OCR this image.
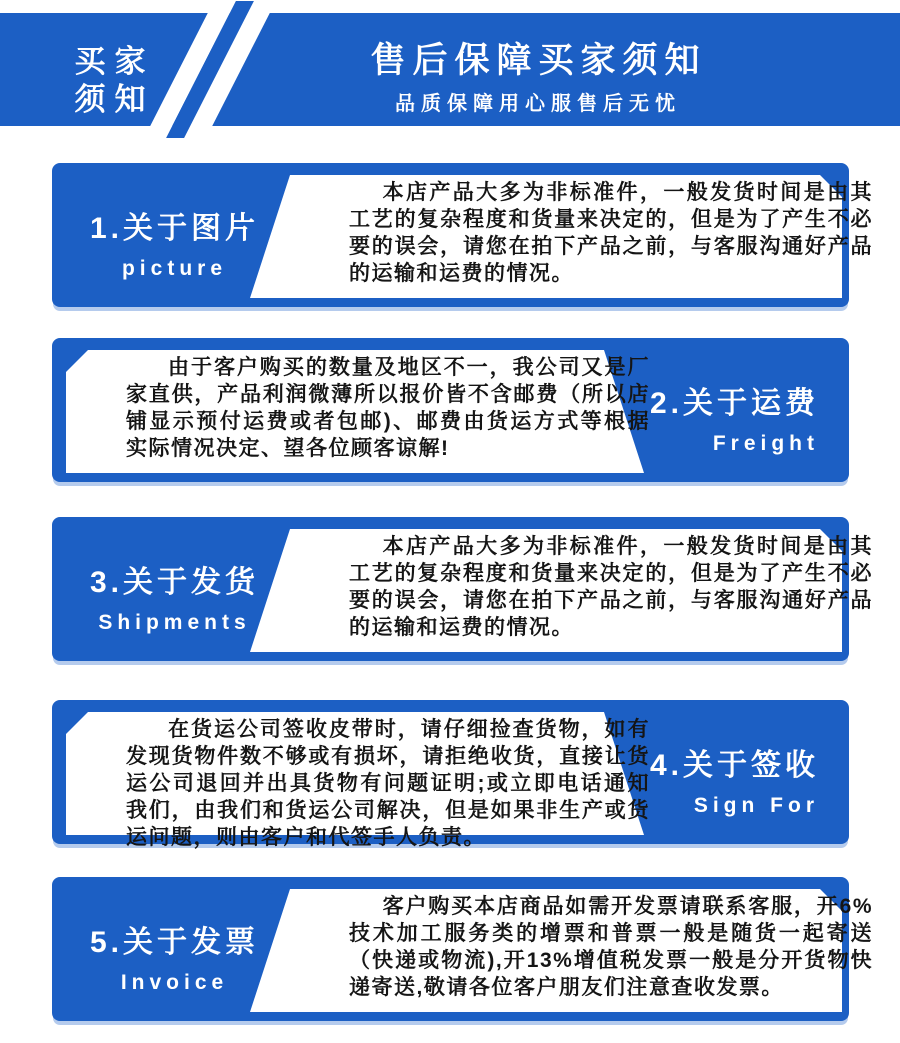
买家
须知
售后保障买家须知
品质保障用心服售后无忧

本店产品大多为非标准件，一般发货时间是由其工艺的复杂程度和货量来决定的，但是为了产生不必要的误会，请您在拍下产品之前，与客服沟通好产品的运输和运费的情况。

1.关于图片
picture

由于客户购买的数量及地区不一，我公司又是厂家直供，产品利润微薄所以报价皆不含邮费（所以店铺显示预付运费或者包邮)、邮费由货运方式等根据实际情况决定、望各位顾客谅解!

2.关于运费
Freight

本店产品大多为非标准件，一般发货时间是由其工艺的复杂程度和货量来决定的，但是为了产生不必要的误会，请您在拍下产品之前，与客服沟通好产品的运输和运费的情况。

3.关于发货
Shipments

在货运公司签收皮带时，请仔细捡查货物，如有发现货物件数不够或有损坏，请拒绝收货，直接让货运公司退回并出具货物有问题证明;或立即电话通知我们，由我们和货运公司解决，但是如果非生产或货运问题，则由客户和代签手人负责。

4.关于签收
Sign For

客户购买本店商品如需开发票请联系客服，开6%技术加工服务类的增票和普票一般是随货一起寄送（快递或物流),开13%增值税发票一般是分开货物快递寄送,敬请各位客户朋友们注意查收发票。

5.关于发票
Invoice
